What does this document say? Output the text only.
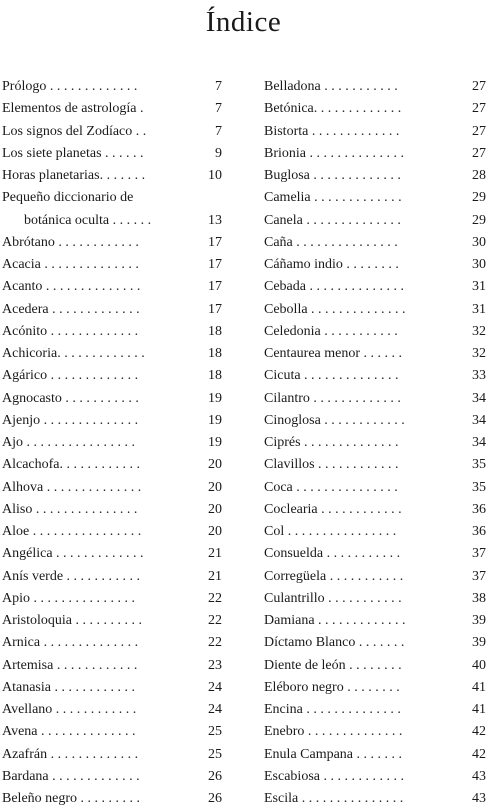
Índice
Prólogo . . . . . . . . . . . . .	7
Elementos de astrología .	7
Los signos del Zodíaco . .	7
Los siete planetas . . . . . .	9
Horas planetarias. . . . . . .	10
Pequeño diccionario de
botánica oculta . . . . . .	13
Abrótano . . . . . . . . . . . .	17
Acacia . . . . . . . . . . . . . .	17
Acanto . . . . . . . . . . . . . .	17
Acedera . . . . . . . . . . . . .	17
Acónito . . . . . . . . . . . . .	18
Achicoria. . . . . . . . . . . . .	18
Agárico . . . . . . . . . . . . .	18
Agnocasto . . . . . . . . . . .	19
Ajenjo . . . . . . . . . . . . . .	19
Ajo . . . . . . . . . . . . . . . .	19
Alcachofa. . . . . . . . . . . .	20
Alhova . . . . . . . . . . . . . .	20
Aliso . . . . . . . . . . . . . . .	20
Aloe . . . . . . . . . . . . . . . .	20
Angélica . . . . . . . . . . . . .	21
Anís verde . . . . . . . . . . .	21
Apio . . . . . . . . . . . . . . .	22
Aristoloquia . . . . . . . . . .	22
Arnica . . . . . . . . . . . . . .	22
Artemisa . . . . . . . . . . . .	23
Atanasia . . . . . . . . . . . .	24
Avellano . . . . . . . . . . . .	24
Avena . . . . . . . . . . . . . .	25
Azafrán . . . . . . . . . . . . .	25
Bardana . . . . . . . . . . . . .	26
Beleño negro . . . . . . . . .	26
Belladona . . . . . . . . . . .	27
Betónica. . . . . . . . . . . . .	27
Bistorta . . . . . . . . . . . . .	27
Brionia . . . . . . . . . . . . . .	27
Buglosa . . . . . . . . . . . . .	28
Camelia . . . . . . . . . . . . .	29
Canela . . . . . . . . . . . . . .	29
Caña . . . . . . . . . . . . . . .	30
Cáñamo indio . . . . . . . .	30
Cebada . . . . . . . . . . . . . .	31
Cebolla . . . . . . . . . . . . . .	31
Celedonia . . . . . . . . . . .	32
Centaurea menor . . . . . .	32
Cicuta . . . . . . . . . . . . . .	33
Cilantro . . . . . . . . . . . . .	34
Cinoglosa . . . . . . . . . . . .	34
Ciprés . . . . . . . . . . . . . .	34
Clavillos . . . . . . . . . . . .	35
Coca . . . . . . . . . . . . . . .	35
Coclearia . . . . . . . . . . . .	36
Col . . . . . . . . . . . . . . . .	36
Consuelda . . . . . . . . . . .	37
Corregüela . . . . . . . . . . .	37
Culantrillo . . . . . . . . . . .	38
Damiana . . . . . . . . . . . . .	39
Díctamo Blanco . . . . . . .	39
Diente de león . . . . . . . .	40
Eléboro negro . . . . . . . .	41
Encina . . . . . . . . . . . . . .	41
Enebro . . . . . . . . . . . . . .	42
Enula Campana . . . . . . .	42
Escabiosa . . . . . . . . . . . .	43
Escila . . . . . . . . . . . . . . .	43
